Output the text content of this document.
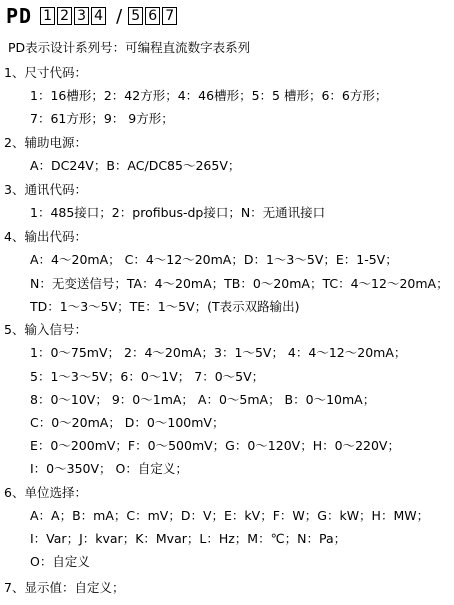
PD 1 2 3 4 / 5 6 7
PD表示设计系列号：可编程直流数字表系列
1、尺寸代码：
1：16槽形；2：42方形；4：46槽形；5：5 槽形；6：6方形；
7：61方形；9： 9方形；
2、辅助电源：
A：DC24V；B：AC/DC85～265V；
3、通讯代码：
1：485接口；2：profibus-dp接口；N：无通讯接口
4、输出代码：
A：4～20mA； C：4～12～20mA；D：1～3～5V；E：1-5V；
N：无变送信号；TA：4～20mA；TB：0～20mA；TC：4～12～20mA；
TD：1～3～5V；TE：1～5V；(T表示双路输出)
5、输入信号：
1：0～75mV； 2：4～20mA；3：1～5V； 4：4～12～20mA；
5：1～3～5V；6：0～1V； 7：0～5V；
8：0～10V； 9：0～1mA； A：0～5mA； B：0～10mA；
C：0～20mA； D：0～100mV；
E：0～200mV；F：0～500mV；G：0～120V；H：0～220V；
I：0～350V； O：自定义；
6、单位选择：
A：A；B：mA；C：mV；D：V；E：kV；F：W；G：kW；H：MW；
I：Var；J：kvar；K：Mvar；L：Hz；M：℃；N：Pa；
O：自定义
7、显示值：自定义；
